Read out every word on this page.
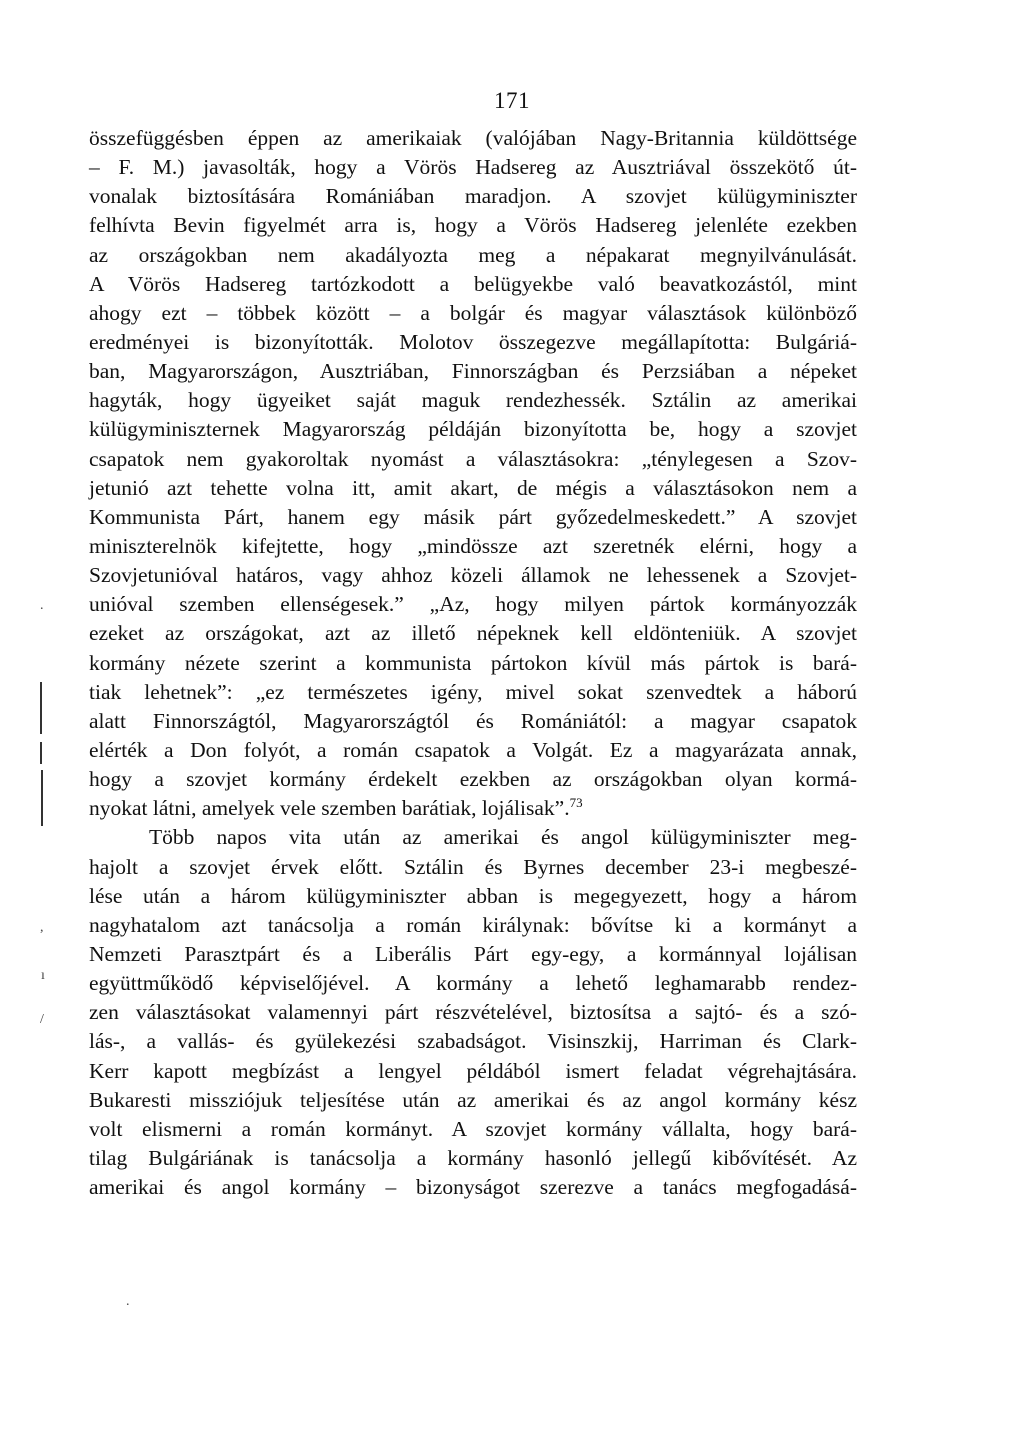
171
összefüggésben éppen az amerikaiak (valójában Nagy-Britannia küldöttsége
– F. M.) javasolták, hogy a Vörös Hadsereg az Ausztriával összekötő út-
vonalak biztosítására Romániában maradjon. A szovjet külügyminiszter
felhívta Bevin figyelmét arra is, hogy a Vörös Hadsereg jelenléte ezekben
az országokban nem akadályozta meg a népakarat megnyilvánulását.
A Vörös Hadsereg tartózkodott a belügyekbe való beavatkozástól, mint
ahogy ezt – többek között – a bolgár és magyar választások különböző
eredményei is bizonyították. Molotov összegezve megállapította: Bulgáriá-
ban, Magyarországon, Ausztriában, Finnországban és Perzsiában a népeket
hagyták, hogy ügyeiket saját maguk rendezhessék. Sztálin az amerikai
külügyminiszternek Magyarország példáján bizonyította be, hogy a szovjet
csapatok nem gyakoroltak nyomást a választásokra: „ténylegesen a Szov-
jetunió azt tehette volna itt, amit akart, de mégis a választásokon nem a
Kommunista Párt, hanem egy másik párt győzedelmeskedett.” A szovjet
miniszterelnök kifejtette, hogy „mindössze azt szeretnék elérni, hogy a
Szovjetunióval határos, vagy ahhoz közeli államok ne lehessenek a Szovjet-
unióval szemben ellenségesek.” „Az, hogy milyen pártok kormányozzák
ezeket az országokat, azt az illető népeknek kell eldönteniük. A szovjet
kormány nézete szerint a kommunista pártokon kívül más pártok is bará-
tiak lehetnek”: „ez természetes igény, mivel sokat szenvedtek a háború
alatt Finnországtól, Magyarországtól és Romániától: a magyar csapatok
elérték a Don folyót, a román csapatok a Volgát. Ez a magyarázata annak,
hogy a szovjet kormány érdekelt ezekben az országokban olyan kormá-
nyokat látni, amelyek vele szemben barátiak, lojálisak”.$^{73}$
Több napos vita után az amerikai és angol külügyminiszter meg-
hajolt a szovjet érvek előtt. Sztálin és Byrnes december 23-i megbeszé-
lése után a három külügyminiszter abban is megegyezett, hogy a három
nagyhatalom azt tanácsolja a román királynak: bővítse ki a kormányt a
Nemzeti Parasztpárt és a Liberális Párt egy-egy, a kormánnyal lojálisan
együttműködő képviselőjével. A kormány a lehető leghamarabb rendez-
zen választásokat valamennyi párt részvételével, biztosítsa a sajtó- és a szó-
lás-, a vallás- és gyülekezési szabadságot. Visinszkij, Harriman és Clark-
Kerr kapott megbízást a lengyel példából ismert feladat végrehajtására.
Bukaresti missziójuk teljesítése után az amerikai és az angol kormány kész
volt elismerni a román kormányt. A szovjet kormány vállalta, hogy bará-
tilag Bulgáriának is tanácsolja a kormány hasonló jellegű kibővítését. Az
amerikai és angol kormány – bizonyságot szerezve a tanács megfogadásá-
,
ı
/
.
.
